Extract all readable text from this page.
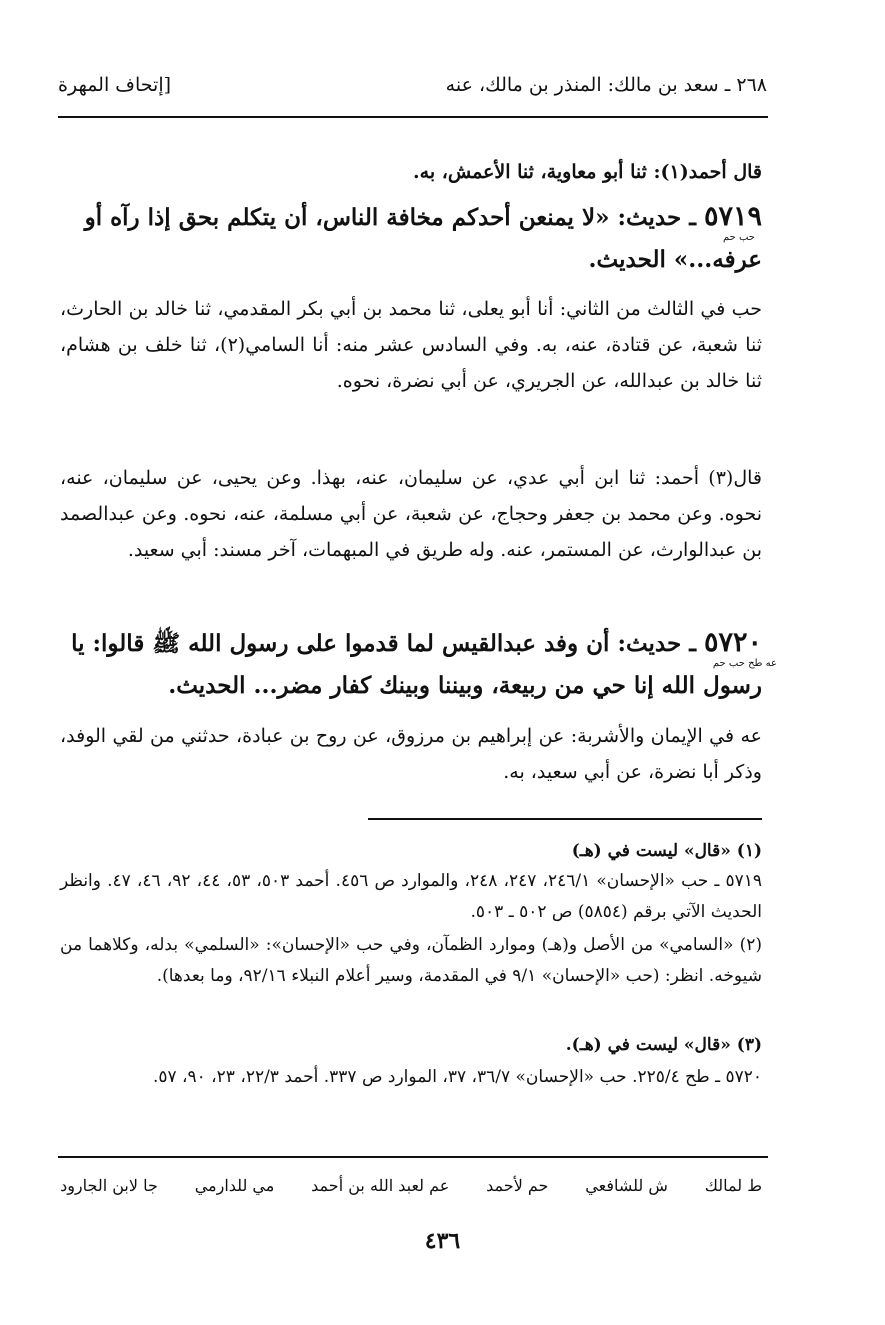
٢٦٨ ـ سعد بن مالك: المنذر بن مالك، عنه
[إتحاف المهرة
قال أحمد(١): ثنا أبو معاوية، ثنا الأعمش، به.
حب حم
٥٧١٩ ـ حديث: «لا يمنعن أحدكم مخافة الناس، أن يتكلم بحق إذا رآه أو عرفه...» الحديث.
حب في الثالث من الثاني: أنا أبو يعلى، ثنا محمد بن أبي بكر المقدمي، ثنا خالد بن الحارث، ثنا شعبة، عن قتادة، عنه، به. وفي السادس عشر منه: أنا السامي(٢)، ثنا خلف بن هشام، ثنا خالد بن عبدالله، عن الجريري، عن أبي نضرة، نحوه.
قال(٣) أحمد: ثنا ابن أبي عدي، عن سليمان، عنه، بهذا. وعن يحيى، عن سليمان، عنه، نحوه. وعن محمد بن جعفر وحجاج، عن شعبة، عن أبي مسلمة، عنه، نحوه. وعن عبدالصمد بن عبدالوارث، عن المستمر، عنه. وله طريق في المبهمات، آخر مسند: أبي سعيد.
عه طح حب حم
٥٧٢٠ ـ حديث: أن وفد عبدالقيس لما قدموا على رسول الله ﷺ قالوا: يا رسول الله إنا حي من ربيعة، وبيننا وبينك كفار مضر... الحديث.
عه في الإيمان والأشربة: عن إبراهيم بن مرزوق، عن روح بن عبادة، حدثني من لقي الوفد، وذكر أبا نضرة، عن أبي سعيد، به.
(١) «قال» ليست في (هـ)
٥٧١٩ ـ حب «الإحسان» ٢٤٦/١، ٢٤٧، ٢٤٨، والموارد ص ٤٥٦. أحمد ٥٠٣، ٥٣، ٤٤، ٩٢، ٤٦، ٤٧. وانظر الحديث الآتي برقم (٥٨٥٤) ص ٥٠٢ ـ ٥٠٣.
(٢) «السامي» من الأصل و(هـ) وموارد الظمآن، وفي حب «الإحسان»: «السلمي» بدله، وكلاهما من شيوخه. انظر: (حب «الإحسان» ٩/١ في المقدمة، وسير أعلام النبلاء ٩٢/١٦، وما بعدها).
(٣) «قال» ليست في (هـ).
٥٧٢٠ ـ طح ٢٢٥/٤. حب «الإحسان» ٣٦/٧، ٣٧، الموارد ص ٣٣٧. أحمد ٢٢/٣، ٢٣، ٩٠، ٥٧.
ط لمالك
ش للشافعي
حم لأحمد
عم لعبد الله بن أحمد
مي للدارمي
جا لابن الجارود
٤٣٦
